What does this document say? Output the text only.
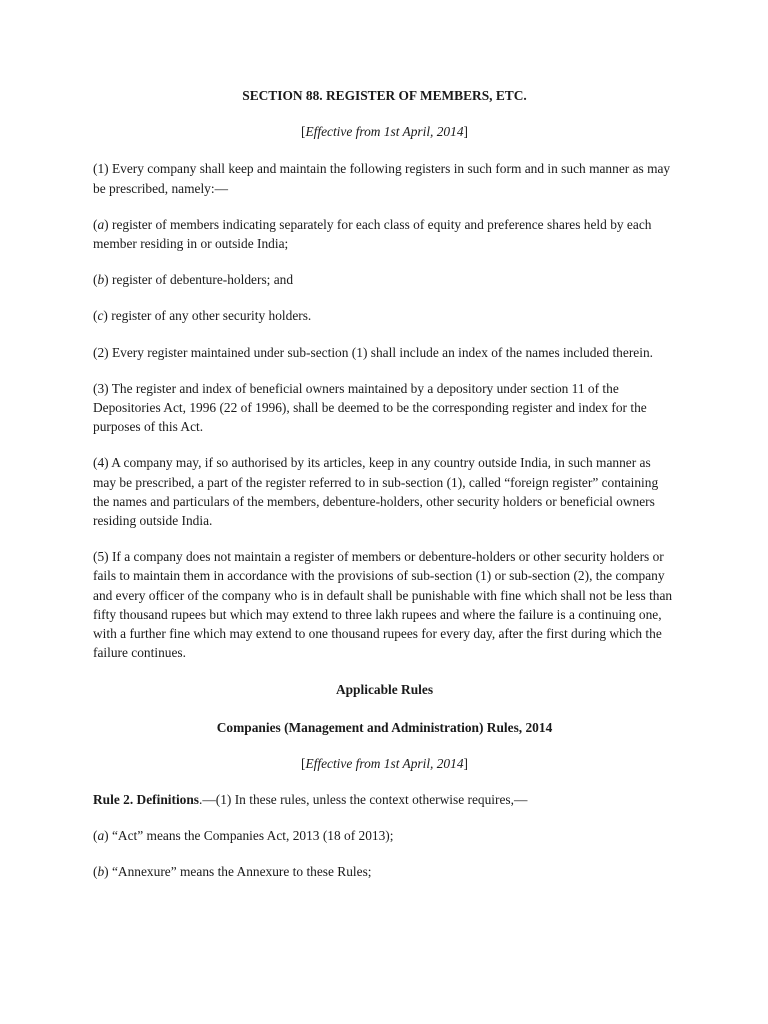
SECTION 88. REGISTER OF MEMBERS, ETC.

[Effective from 1st April, 2014]

(1) Every company shall keep and maintain the following registers in such form and in such manner as may be prescribed, namely:—

(a) register of members indicating separately for each class of equity and preference shares held by each member residing in or outside India;

(b) register of debenture-holders; and

(c) register of any other security holders.

(2) Every register maintained under sub-section (1) shall include an index of the names included therein.

(3) The register and index of beneficial owners maintained by a depository under section 11 of the Depositories Act, 1996 (22 of 1996), shall be deemed to be the corresponding register and index for the purposes of this Act.

(4) A company may, if so authorised by its articles, keep in any country outside India, in such manner as may be prescribed, a part of the register referred to in sub-section (1), called “foreign register” containing the names and particulars of the members, debenture-holders, other security holders or beneficial owners residing outside India.

(5) If a company does not maintain a register of members or debenture-holders or other security holders or fails to maintain them in accordance with the provisions of sub-section (1) or sub-section (2), the company and every officer of the company who is in default shall be punishable with fine which shall not be less than fifty thousand rupees but which may extend to three lakh rupees and where the failure is a continuing one, with a further fine which may extend to one thousand rupees for every day, after the first during which the failure continues.

Applicable Rules

Companies (Management and Administration) Rules, 2014

[Effective from 1st April, 2014]

Rule 2. Definitions.—(1) In these rules, unless the context otherwise requires,—

(a) “Act” means the Companies Act, 2013 (18 of 2013);

(b) “Annexure” means the Annexure to these Rules;
